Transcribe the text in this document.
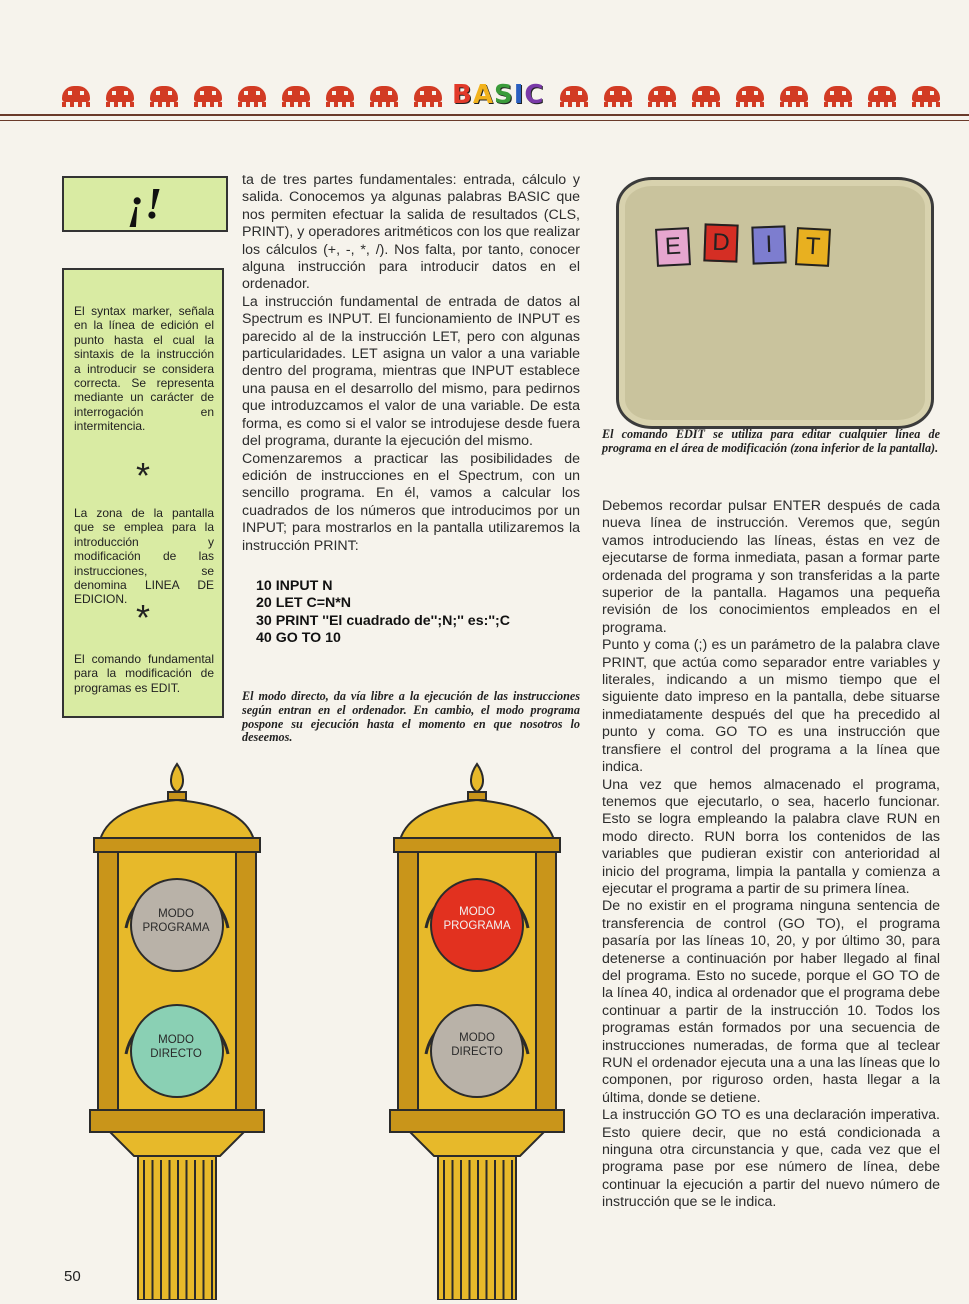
BASIC
¡!
El syntax marker, señala en la línea de edición el punto hasta el cual la sintaxis de la instrucción a introducir se considera correcta. Se representa mediante un carácter de interrogación en intermitencia.
*
La zona de la pantalla que se emplea para la introducción y modificación de las instrucciones, se denomina LINEA DE EDICION. *
El comando fundamental para la modificación de programas es EDIT.

ta de tres partes fundamentales: entrada, cálculo y salida. Conocemos ya algunas palabras BASIC que nos permiten efectuar la salida de resultados (CLS, PRINT), y operadores aritméticos con los que realizar los cálculos (+, -, *, /). Nos falta, por tanto, conocer alguna instrucción para introducir datos en el ordenador.

La instrucción fundamental de entrada de datos al Spectrum es INPUT. El funcionamiento de INPUT es parecido al de la instrucción LET, pero con algunas particularidades. LET asigna un valor a una variable dentro del programa, mientras que INPUT establece una pausa en el desarrollo del mismo, para pedirnos que introduzcamos el valor de una variable. De esta forma, es como si el valor se introdujese desde fuera del programa, durante la ejecución del mismo.

Comenzaremos a practicar las posibilidades de edición de instrucciones en el Spectrum, con un sencillo programa. En él, vamos a calcular los cuadrados de los números que introducimos por un INPUT; para mostrarlos en la pantalla utilizaremos la instrucción PRINT:

10 INPUT N
20 LET C=N*N
30 PRINT ''El cuadrado de'';N;'' es:'';C
40 GO TO 10
El modo directo, da vía libre a la ejecución de las instrucciones según entran en el ordenador. En cambio, el modo programa pospone su ejecución hasta el momento en que nosotros lo deseemos.
E	D	I	T
El comando EDIT se utiliza para editar cualquier línea de programa en el área de modificación (zona inferior de la pantalla).

Debemos recordar pulsar ENTER después de cada nueva línea de instrucción. Veremos que, según vamos introduciendo las líneas, éstas en vez de ejecutarse de forma inmediata, pasan a formar parte ordenada del programa y son transferidas a la parte superior de la pantalla. Hagamos una pequeña revisión de los conocimientos empleados en el programa.

Punto y coma (;) es un parámetro de la palabra clave PRINT, que actúa como separador entre variables y literales, indicando a un mismo tiempo que el siguiente dato impreso en la pantalla, debe situarse inmediatamente después del que ha precedido al punto y coma. GO TO es una instrucción que transfiere el control del programa a la línea que indica.

Una vez que hemos almacenado el programa, tenemos que ejecutarlo, o sea, hacerlo funcionar. Esto se logra empleando la palabra clave RUN en modo directo. RUN borra los contenidos de las variables que pudieran existir con anterioridad al inicio del programa, limpia la pantalla y comienza a ejecutar el programa a partir de su primera línea.

De no existir en el programa ninguna sentencia de transferencia de control (GO TO), el programa pasaría por las líneas 10, 20, y por último 30, para detenerse a continuación por haber llegado al final del programa. Esto no sucede, porque el GO TO de la línea 40, indica al ordenador que el programa debe continuar a partir de la instrucción 10. Todos los programas están formados por una secuencia de instrucciones numeradas, de forma que al teclear RUN el ordenador ejecuta una a una las líneas que lo componen, por riguroso orden, hasta llegar a la última, donde se detiene.

La instrucción GO TO es una declaración imperativa. Esto quiere decir, que no está condicionada a ninguna otra circunstancia y que, cada vez que el programa pase por ese número de línea, debe continuar la ejecución a partir del nuevo número de instrucción que se le indica.

MODO
PROGRAMA
MODO
DIRECTO
MODO
PROGRAMA
MODO
DIRECTO
50
